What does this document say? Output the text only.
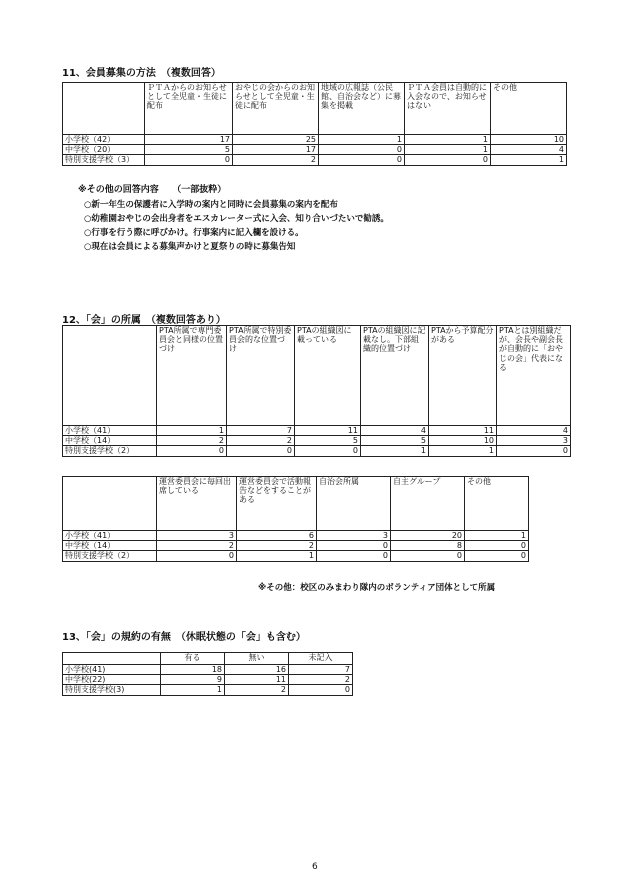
11、会員募集の方法　（複数回答）
	ＰＴＡからのお知らせとして全児童・生徒に配布	おやじの会からのお知らせとして全児童・生徒に配布	地域の広報誌（公民館、自治会など）に募集を掲載	ＰＴＡ会員は自動的に入会なので、お知らせはない	その他
小学校（42）	17	25	1	1	10
中学校（20）	5	17	0	1	4
特別支援学校（3）	0	2	0	0	1
※その他の回答内容　　（一部抜粋）
○新一年生の保護者に入学時の案内と同時に会員募集の案内を配布
○幼稚園おやじの会出身者をエスカレーター式に入会、知り合いづたいで勧誘。
○行事を行う際に呼びかけ。行事案内に記入欄を設ける。
○現在は会員による募集声かけと夏祭りの時に募集告知
12、「会」の所属　（複数回答あり）
	PTA所属で専門委員会と同様の位置づけ	PTA所属で特別委員会的な位置づけ	PTAの組織図に載っている	PTAの組織図に記載なし。下部組織的位置づけ	PTAから予算配分がある	PTAとは別組織だが、会長や副会長が自動的に「おやじの会」代表になる
小学校（41）	1	7	11	4	11	4
中学校（14）	2	2	5	5	10	3
特別支援学校（2）	0	0	0	1	1	0
	運営委員会に毎回出席している	運営委員会で活動報告などをすることがある	自治会所属	自主グループ	その他
小学校（41）	3	6	3	20	1
中学校（14）	2	2	0	8	0
特別支援学校（2）	0	1	0	0	0
※その他：校区のみまわり隊内のボランティア団体として所属
13、「会」の規約の有無　（休眠状態の「会」も含む）
	有る	無い	未記入
小学校(41)	18	16	7
中学校(22)	9	11	2
特別支援学校(3)	1	2	0
6
